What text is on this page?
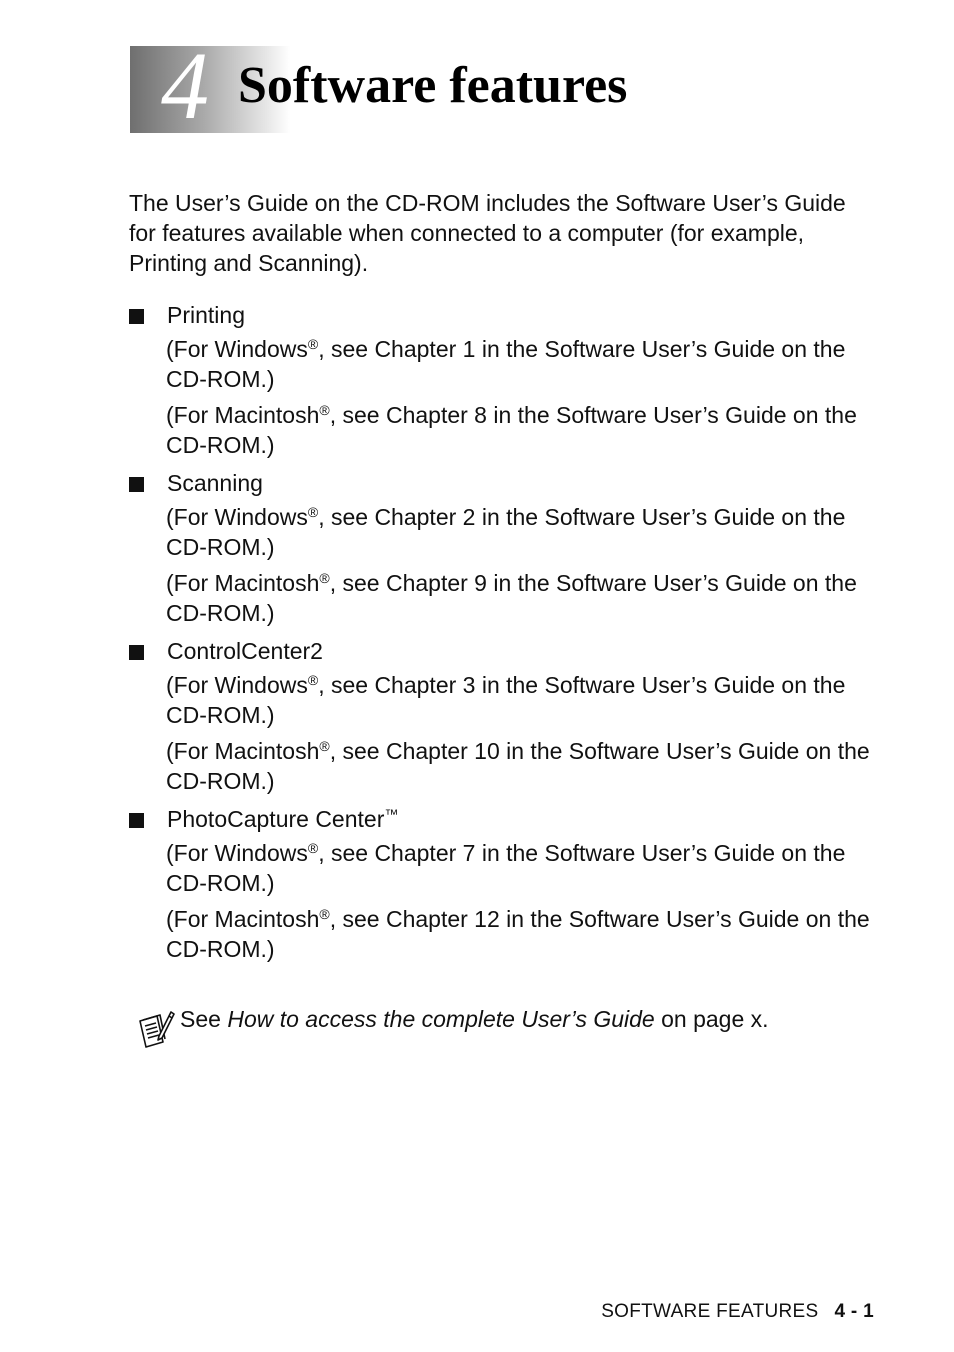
4 Software features

The User’s Guide on the CD-ROM includes the Software User’s Guide for features available when connected to a computer (for example, Printing and Scanning).

Printing

(For Windows®, see Chapter 1 in the Software User’s Guide on the CD-ROM.)

(For Macintosh®, see Chapter 8 in the Software User’s Guide on the CD-ROM.)

Scanning

(For Windows®, see Chapter 2 in the Software User’s Guide on the CD-ROM.)

(For Macintosh®, see Chapter 9 in the Software User’s Guide on the CD-ROM.)

ControlCenter2

(For Windows®, see Chapter 3 in the Software User’s Guide on the CD-ROM.)

(For Macintosh®, see Chapter 10 in the Software User’s Guide on the CD-ROM.)

PhotoCapture Center™

(For Windows®, see Chapter 7 in the Software User’s Guide on the CD-ROM.)

(For Macintosh®, see Chapter 12 in the Software User’s Guide on the CD-ROM.)

See How to access the complete User’s Guide on page x.
SOFTWARE FEATURES 4 - 1
